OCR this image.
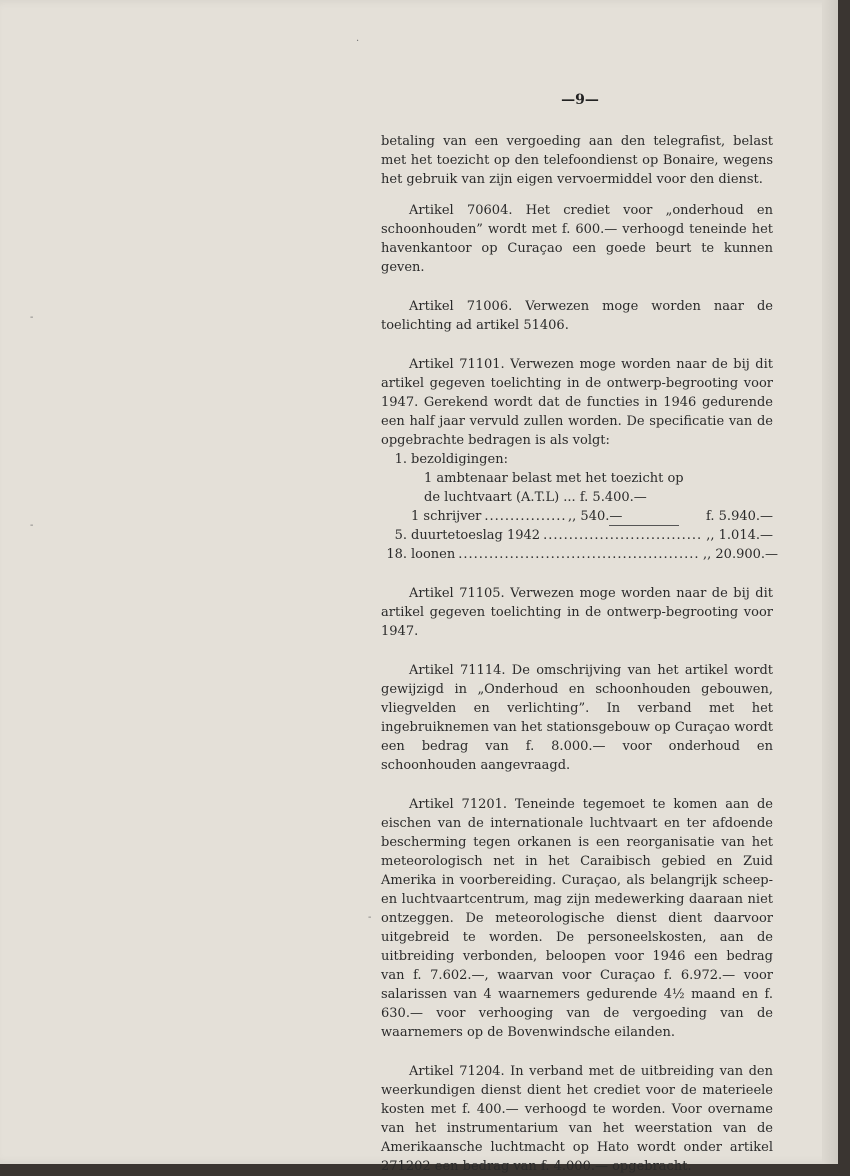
·
-
-
-
—9—

betaling van een vergoeding aan den telegrafist, belast met het toezicht op den telefoondienst op Bonaire, wegens het gebruik van zijn eigen vervoermiddel voor den dienst.

Artikel 70604. Het crediet voor „onderhoud en schoonhouden” wordt met f. 600.— verhoogd teneinde het havenkantoor op Curaçao een goede beurt te kunnen geven.

Artikel 71006. Verwezen moge worden naar de toelichting ad artikel 51406.

Artikel 71101. Verwezen moge worden naar de bij dit artikel gegeven toelichting in de ontwerp-begrooting voor 1947. Gerekend wordt dat de functies in 1946 gedurende een half jaar vervuld zullen worden. De specificatie van de opgebrachte bedragen is als volgt:

1. bezoldigingen:
1 ambtenaar belast met het toezicht op
de luchtvaart (A.T.L) ... f. 5.400.—
1 schrijver .....	,, 540.—	f. 5.940.—
5. duurtetoeslag 1942 .....	,, 1.014.—
18. loonen .....	,, 20.900.—

Artikel 71105. Verwezen moge worden naar de bij dit artikel gegeven toelichting in de ontwerp-begrooting voor 1947.

Artikel 71114. De omschrijving van het artikel wordt gewijzigd in „Onderhoud en schoonhouden gebouwen, vliegvelden en verlichting”. In verband met het ingebruiknemen van het stationsgebouw op Curaçao wordt een bedrag van f. 8.000.— voor onderhoud en schoonhouden aangevraagd.

Artikel 71201. Teneinde tegemoet te komen aan de eischen van de internationale luchtvaart en ter afdoende bescherming tegen orkanen is een reorganisatie van het meteorologisch net in het Caraibisch gebied en Zuid Amerika in voorbereiding. Curaçao, als belangrijk scheep- en luchtvaartcentrum, mag zijn medewerking daaraan niet ontzeggen. De meteorologische dienst dient daarvoor uitgebreid te worden. De personeelskosten, aan de uitbreiding verbonden, beloopen voor 1946 een bedrag van f. 7.602.—, waarvan voor Curaçao f. 6.972.— voor salarissen van 4 waarnemers gedurende 4½ maand en f. 630.— voor verhooging van de vergoeding van de waarnemers op de Bovenwindsche eilanden.

Artikel 71204. In verband met de uitbreiding van den weerkundigen dienst dient het crediet voor de materieele kosten met f. 400.— verhoogd te worden. Voor overname van het instrumentarium van het weerstation van de Amerikaansche luchtmacht op Hato wordt onder artikel 271202 een bedrag van f. 4.000.— opgebracht.
